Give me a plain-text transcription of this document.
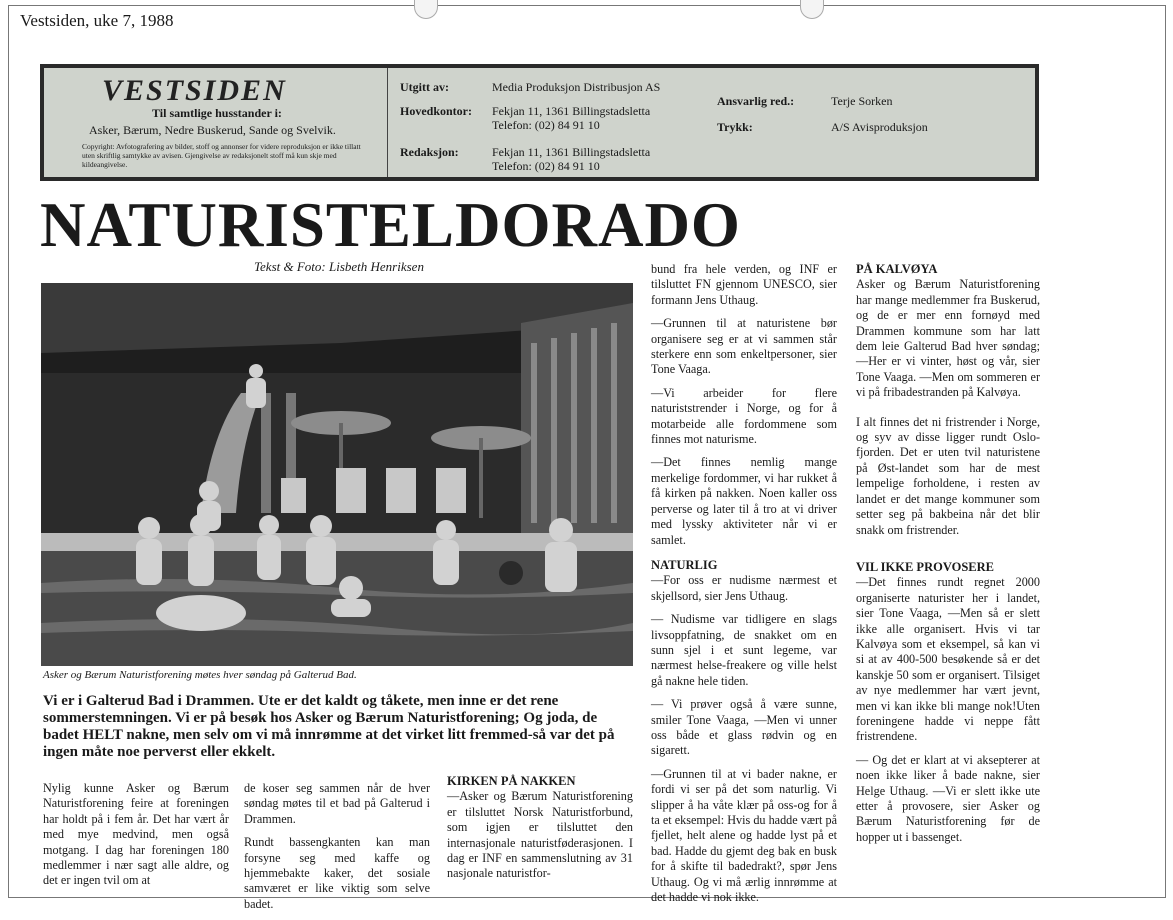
Vestsiden, uke 7, 1988
VESTSIDEN
Til samtlige husstander i:
Asker, Bærum, Nedre Buskerud, Sande og Svelvik.
Copyright: Avfotografering av bilder, stoff og annonser for videre reproduksjon er ikke tillatt uten skriftlig samtykke av avisen. Gjengivelse av redaksjonelt stoff må kun skje med kildeangivelse.
Utgitt av:	Media Produksjon Distribusjon AS
Hovedkontor: Fekjan 11, 1361 Billingstadsletta
Telefon: (02) 84 91 10
Redaksjon:	Fekjan 11, 1361 Billingstadsletta
Telefon: (02) 84 91 10
Ansvarlig red.:	Terje Sorken
Trykk:	A/S Avisproduksjon
NATURISTELDORADO
Tekst & Foto: Lisbeth Henriksen
Asker og Bærum Naturistforening møtes hver søndag på Galterud Bad.
Vi er i Galterud Bad i Drammen. Ute er det kaldt og tåkete, men inne er det rene sommerstemningen. Vi er på besøk hos Asker og Bærum Naturistforening; Og joda, de badet HELT nakne, men selv om vi må innrømme at det virket litt fremmed-så var det på ingen måte noe perverst eller ekkelt.

Nylig kunne Asker og Bærum Naturistforening feire at foreningen har holdt på i fem år. Det har vært år med mye medvind, men også motgang. I dag har foreningen 180 medlemmer i nær sagt alle aldre, og det er ingen tvil om at

de koser seg sammen når de hver søndag møtes til et bad på Galterud i Drammen.

Rundt bassengkanten kan man forsyne seg med kaffe og hjemmebakte kaker, det sosiale samværet er like viktig som selve badet.

KIRKEN PÅ NAKKEN

—Asker og Bærum Naturistforening er tilsluttet Norsk Naturistforbund, som igjen er tilsluttet den internasjonale naturistføderasjonen. I dag er INF en sammenslutning av 31 nasjonale naturistfor-

bund fra hele verden, og INF er tilsluttet FN gjennom UNESCO, sier formann Jens Uthaug.

—Grunnen til at naturistene bør organisere seg er at vi sammen står sterkere enn som enkeltpersoner, sier Tone Vaaga.

—Vi arbeider for flere naturiststrender i Norge, og for å motarbeide alle fordommene som finnes mot naturisme.

—Det finnes nemlig mange merkelige fordommer, vi har rukket å få kirken på nakken. Noen kaller oss perverse og later til å tro at vi driver med lyssky aktiviteter når vi er samlet.

NATURLIG

—For oss er nudisme nærmest et skjellsord, sier Jens Uthaug.

— Nudisme var tidligere en slags livsoppfatning, de snakket om en sunn sjel i et sunt legeme, var nærmest helse-freakere og ville helst gå nakne hele tiden.

— Vi prøver også å være sunne, smiler Tone Vaaga, —Men vi unner oss både et glass rødvin og en sigarett.

—Grunnen til at vi bader nakne, er fordi vi ser på det som naturlig. Vi slipper å ha våte klær på oss-og for å ta et eksempel: Hvis du hadde vært på fjellet, helt alene og hadde lyst på et bad. Hadde du gjemt deg bak en busk for å skifte til badedrakt?, spør Jens Uthaug. Og vi må ærlig innrømme at det hadde vi nok ikke.

PÅ KALVØYA

Asker og Bærum Naturistforening har mange medlemmer fra Buskerud, og de er mer enn fornøyd med Drammen kommune som har latt dem leie Galterud Bad hver søndag; —Her er vi vinter, høst og vår, sier Tone Vaaga. —Men om sommeren er vi på fribadestranden på Kalvøya.

I alt finnes det ni fristrender i Norge, og syv av disse ligger rundt Oslo-fjorden. Det er uten tvil naturistene på Øst-landet som har de mest lempelige forholdene, i resten av landet er det mange kommuner som setter seg på bakbeina når det blir snakk om fristrender.

VIL IKKE PROVOSERE

—Det finnes rundt regnet 2000 organiserte naturister her i landet, sier Tone Vaaga, —Men så er slett ikke alle organisert. Hvis vi tar Kalvøya som et eksempel, så kan vi si at av 400-500 besøkende så er det kanskje 50 som er organisert. Tilsiget av nye medlemmer har vært jevnt, men vi kan ikke bli mange nok!Uten foreningene hadde vi neppe fått fristrendene.

— Og det er klart at vi aksepterer at noen ikke liker å bade nakne, sier Helge Uthaug. —Vi er slett ikke ute etter å provosere, sier Asker og Bærum Naturistforening før de hopper ut i bassenget.
